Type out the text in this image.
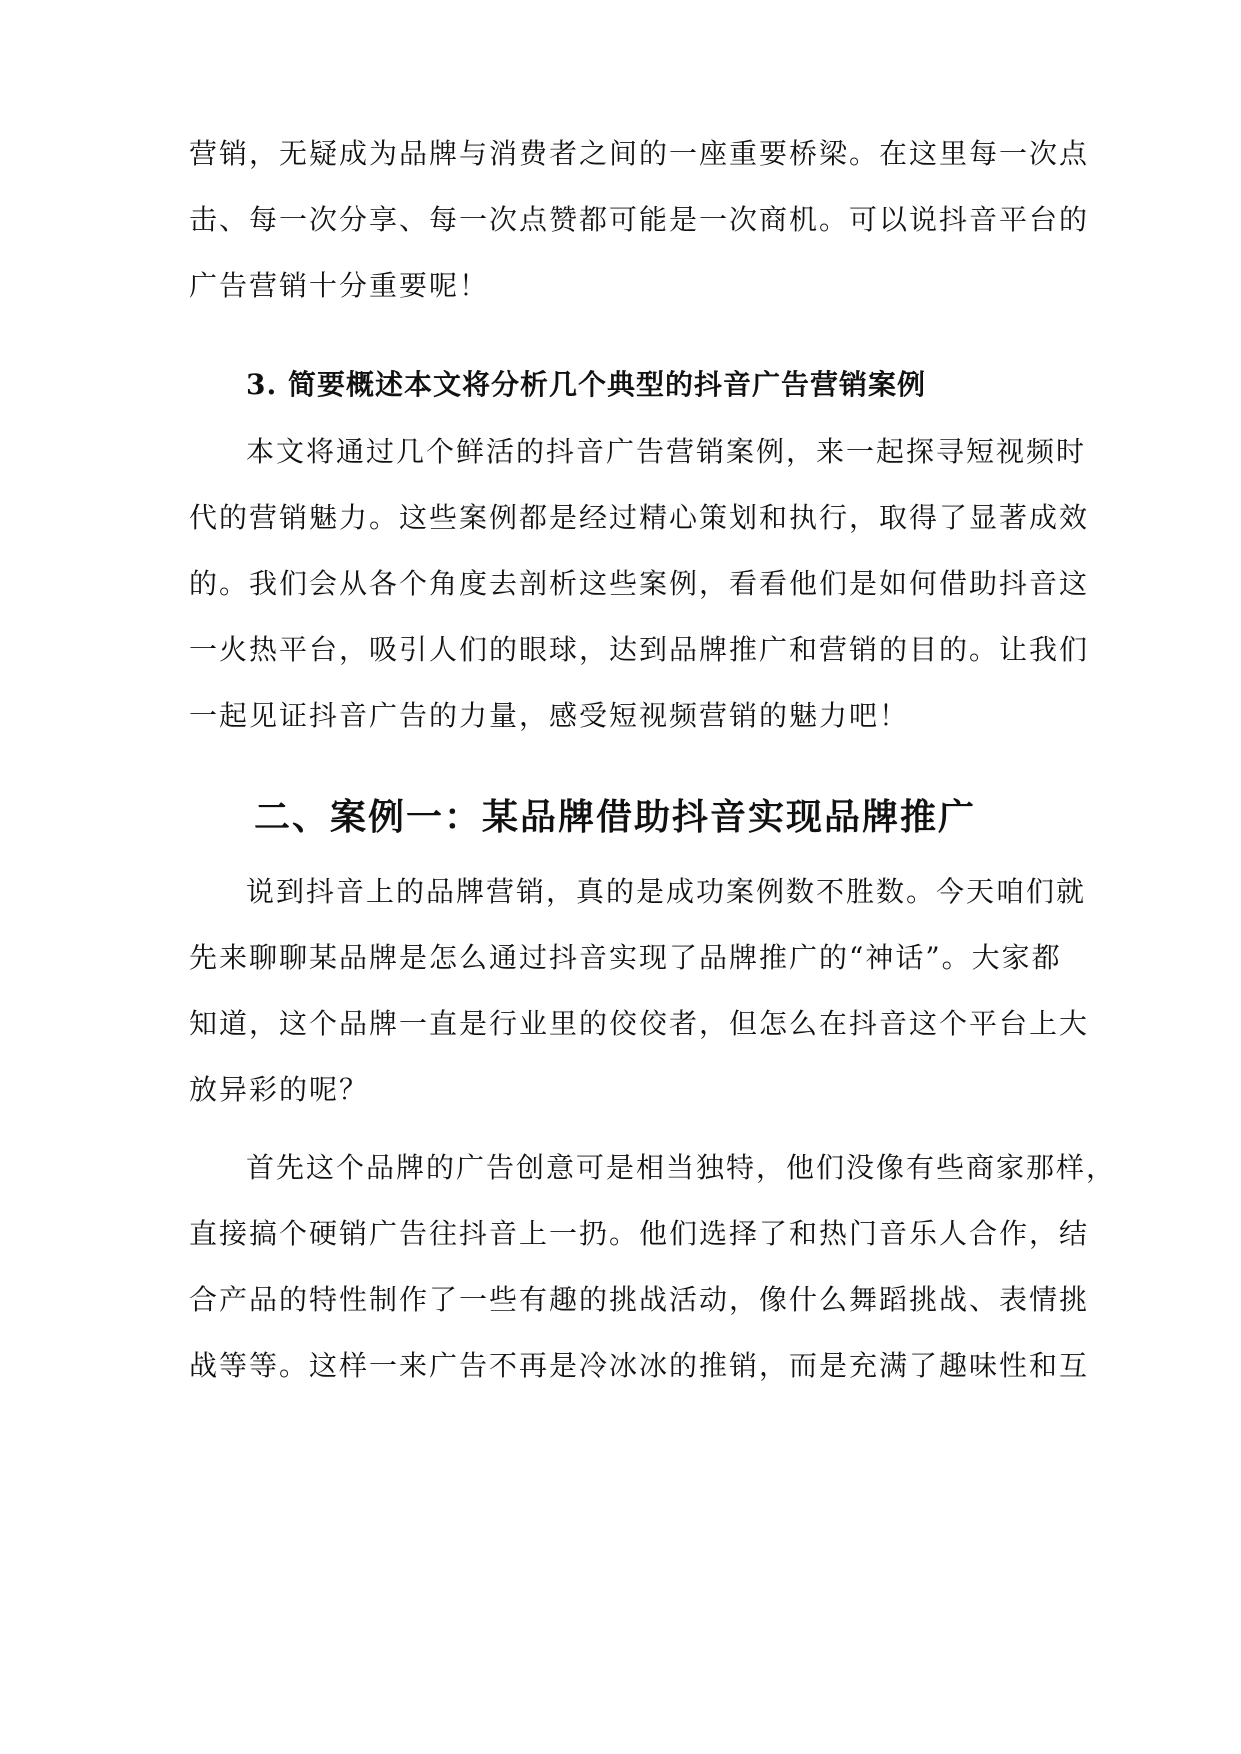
营销，无疑成为品牌与消费者之间的一座重要桥梁。在这里每一次点
击、每一次分享、每一次点赞都可能是一次商机。可以说抖音平台的
广告营销十分重要呢！
3. 简要概述本文将分析几个典型的抖音广告营销案例
本文将通过几个鲜活的抖音广告营销案例，来一起探寻短视频时
代的营销魅力。这些案例都是经过精心策划和执行，取得了显著成效
的。我们会从各个角度去剖析这些案例，看看他们是如何借助抖音这
一火热平台，吸引人们的眼球，达到品牌推广和营销的目的。让我们
一起见证抖音广告的力量，感受短视频营销的魅力吧！
二、案例一：某品牌借助抖音实现品牌推广
说到抖音上的品牌营销，真的是成功案例数不胜数。今天咱们就
先来聊聊某品牌是怎么通过抖音实现了品牌推广的“神话”。大家都
知道，这个品牌一直是行业里的佼佼者，但怎么在抖音这个平台上大
放异彩的呢？
首先这个品牌的广告创意可是相当独特，他们没像有些商家那样，
直接搞个硬销广告往抖音上一扔。他们选择了和热门音乐人合作，结
合产品的特性制作了一些有趣的挑战活动，像什么舞蹈挑战、表情挑
战等等。这样一来广告不再是冷冰冰的推销，而是充满了趣味性和互
